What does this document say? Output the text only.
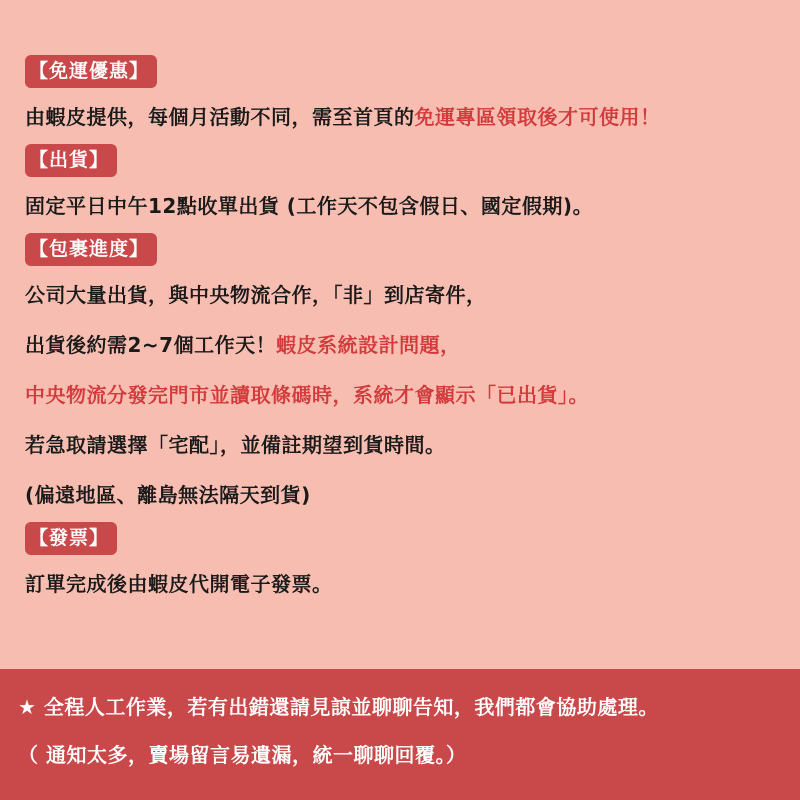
【免運優惠】
由蝦皮提供，每個月活動不同，需至首頁的免運專區領取後才可使用！
【出貨】
固定平日中午12點收單出貨 (工作天不包含假日、國定假期)。
【包裹進度】
公司大量出貨，與中央物流合作，「非」到店寄件，
出貨後約需2~7個工作天！蝦皮系統設計問題，
中央物流分發完門市並讀取條碼時，系統才會顯示「已出貨」。
若急取請選擇「宅配」，並備註期望到貨時間。
(偏遠地區、離島無法隔天到貨)
【發票】
訂單完成後由蝦皮代開電子發票。
★ 全程人工作業，若有出錯還請見諒並聊聊告知，我們都會協助處理。
（ 通知太多，賣場留言易遺漏，統一聊聊回覆。）
